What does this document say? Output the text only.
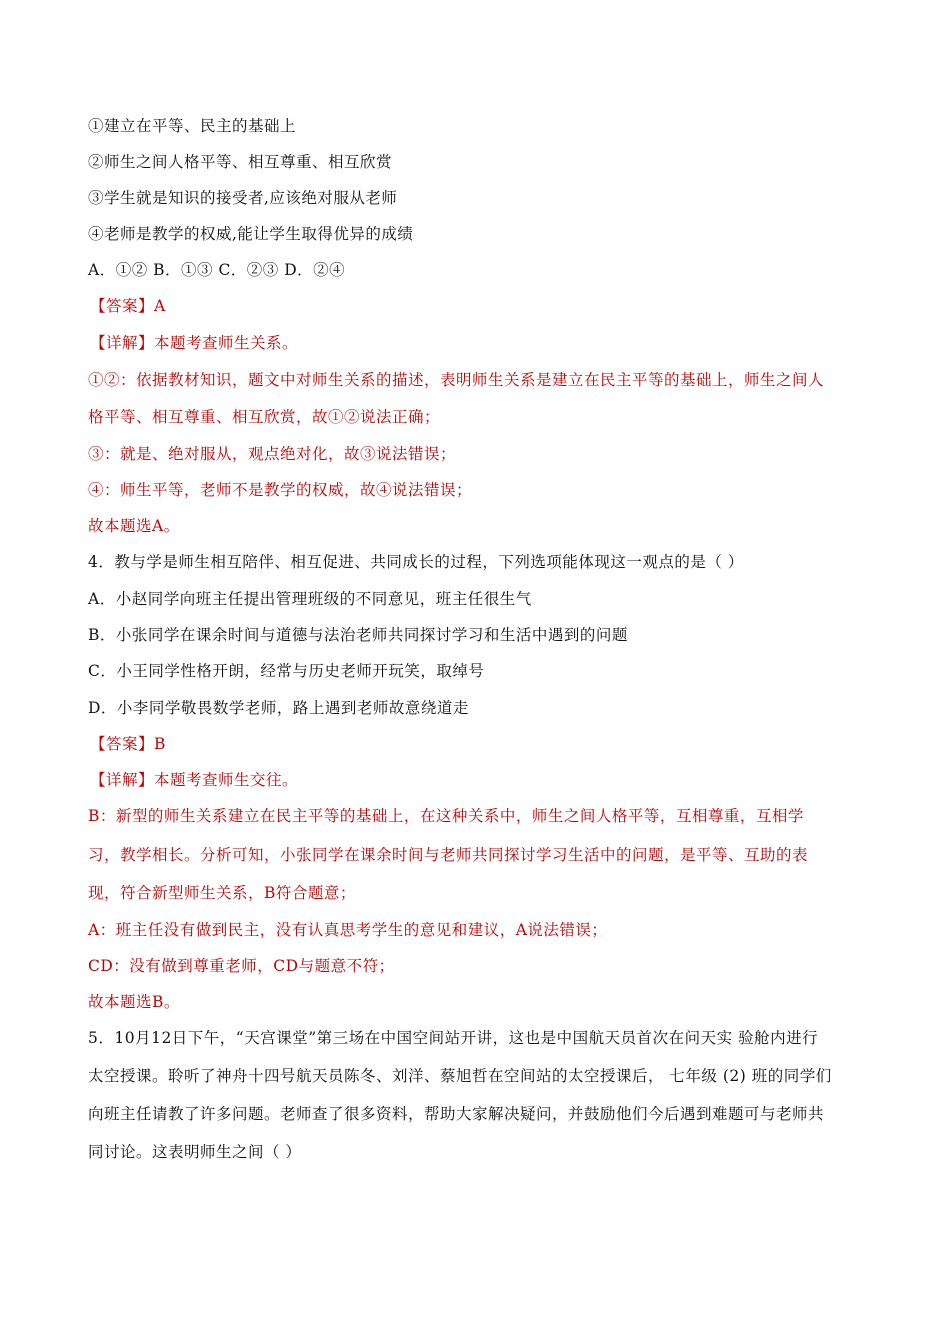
①建立在平等、民主的基础上
②师生之间人格平等、相互尊重、相互欣赏
③学生就是知识的接受者,应该绝对服从老师
④老师是教学的权威,能让学生取得优异的成绩
A．①② B．①③ C．②③ D．②④
【答案】A
【详解】本题考查师生关系。
①②：依据教材知识，题文中对师生关系的描述，表明师生关系是建立在民主平等的基础上，师生之间人
格平等、相互尊重、相互欣赏，故①②说法正确；
③：就是、绝对服从，观点绝对化，故③说法错误；
④：师生平等，老师不是教学的权威，故④说法错误；
故本题选A。
4．教与学是师生相互陪伴、相互促进、共同成长的过程，下列选项能体现这一观点的是（ ）
A．小赵同学向班主任提出管理班级的不同意见，班主任很生气
B．小张同学在课余时间与道德与法治老师共同探讨学习和生活中遇到的问题
C．小王同学性格开朗，经常与历史老师开玩笑，取绰号
D．小李同学敬畏数学老师，路上遇到老师故意绕道走
【答案】B
【详解】本题考查师生交往。
B：新型的师生关系建立在民主平等的基础上，在这种关系中，师生之间人格平等，互相尊重，互相学
习，教学相长。分析可知，小张同学在课余时间与老师共同探讨学习生活中的问题，是平等、互助的表
现，符合新型师生关系，B符合题意；
A：班主任没有做到民主，没有认真思考学生的意见和建议，A说法错误；
CD：没有做到尊重老师，CD与题意不符；
故本题选B。
5．10月12日下午，“天宫课堂”第三场在中国空间站开讲，这也是中国航天员首次在问天实 验舱内进行
太空授课。聆听了神舟十四号航天员陈冬、刘洋、蔡旭哲在空间站的太空授课后， 七年级 (2) 班的同学们
向班主任请教了许多问题。老师查了很多资料，帮助大家解决疑问，并鼓励他们今后遇到难题可与老师共
同讨论。这表明师生之间（ ）
